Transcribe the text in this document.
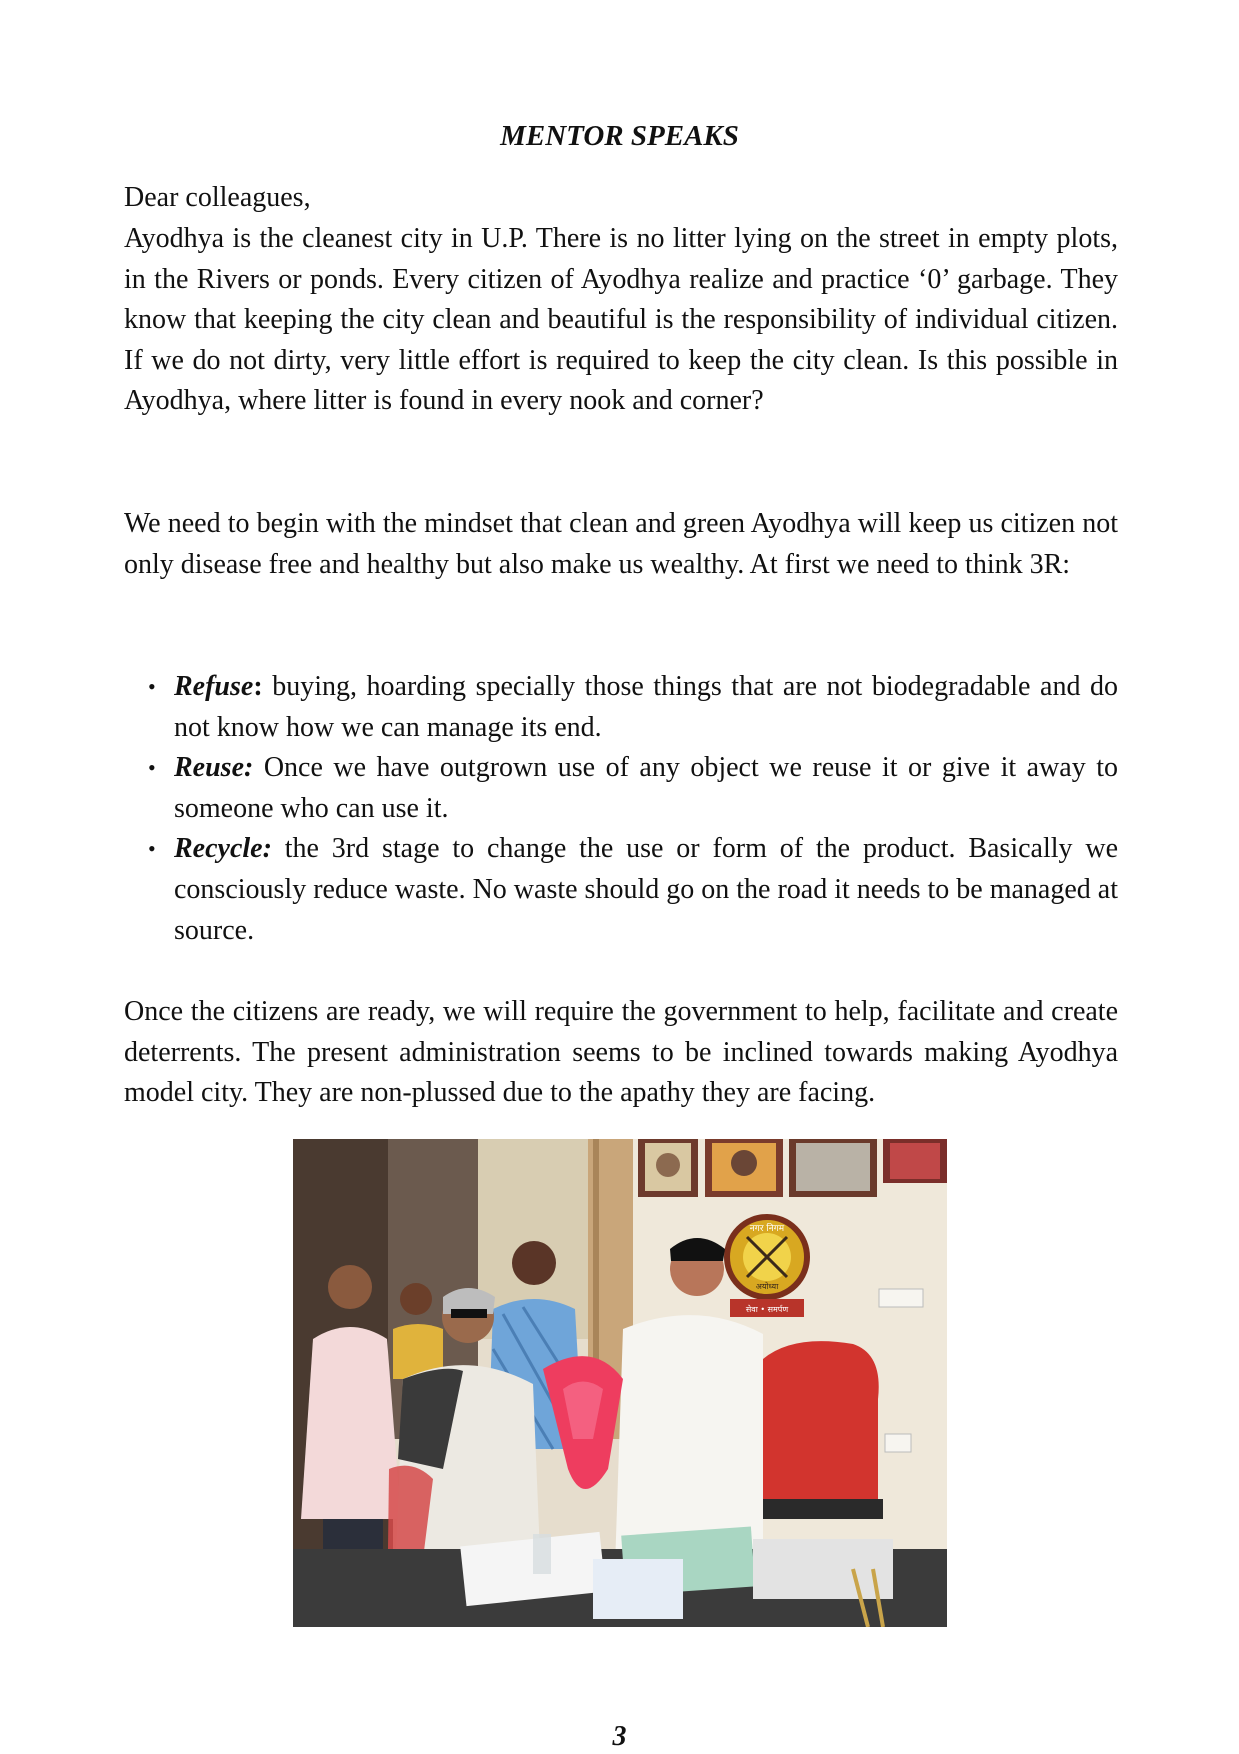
MENTOR SPEAKS
Dear colleagues,
Ayodhya is the cleanest city in U.P. There is no litter lying on the street in empty plots, in the Rivers or ponds. Every citizen of Ayodhya realize and practice ‘0’ garbage. They know that keeping the city clean and beautiful is the responsibility of individual citizen. If we do not dirty, very little effort is required to keep the city clean. Is this possible in Ayodhya, where litter is found in every nook and corner?
We need to begin with the mindset that clean and green Ayodhya will keep us citizen not only disease free and healthy but also make us wealthy. At first we need to think 3R:
• Refuse: buying, hoarding specially those things that are not biodegradable and do not know how we can manage its end.
• Reuse: Once we have outgrown use of any object we reuse it or give it away to someone who can use it.
• Recycle: the 3rd stage to change the use or form of the product. Basically we consciously reduce waste. No waste should go on the road it needs to be managed at source.
Once the citizens are ready, we will require the government to help, facilitate and create deterrents. The present administration seems to be inclined towards making Ayodhya model city. They are non-plussed due to the apathy they are facing.
नगर निगम
अयोध्या
सेवा • समर्पण
3
